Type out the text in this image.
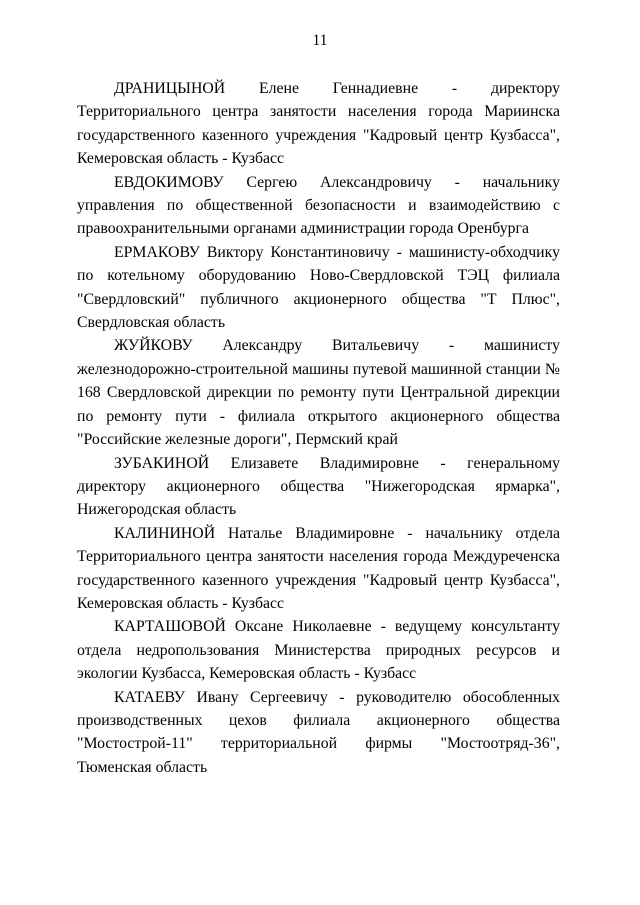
11

ДРАНИЦЫНОЙ Елене Геннадиевне - директору Территориального центра занятости населения города Мариинска государственного казенного учреждения "Кадровый центр Кузбасса", Кемеровская область - Кузбасс

ЕВДОКИМОВУ Сергею Александровичу - начальнику управления по общественной безопасности и взаимодействию с правоохранительными органами администрации города Оренбурга

ЕРМАКОВУ Виктору Константиновичу - машинисту-обходчику по котельному оборудованию Ново-Свердловской ТЭЦ филиала "Свердловский" публичного акционерного общества "Т Плюс", Свердловская область

ЖУЙКОВУ Александру Витальевичу - машинисту железнодорожно-строительной машины путевой машинной станции № 168 Свердловской дирекции по ремонту пути Центральной дирекции по ремонту пути - филиала открытого акционерного общества "Российские железные дороги", Пермский край

ЗУБАКИНОЙ Елизавете Владимировне - генеральному директору акционерного общества "Нижегородская ярмарка", Нижегородская область

КАЛИНИНОЙ Наталье Владимировне - начальнику отдела Территориального центра занятости населения города Междуреченска государственного казенного учреждения "Кадровый центр Кузбасса", Кемеровская область - Кузбасс

КАРТАШОВОЙ Оксане Николаевне - ведущему консультанту отдела недропользования Министерства природных ресурсов и экологии Кузбасса, Кемеровская область - Кузбасс

КАТАЕВУ Ивану Сергеевичу - руководителю обособленных производственных цехов филиала акционерного общества "Мостострой-11" территориальной фирмы "Мостоотряд-36", Тюменская область
